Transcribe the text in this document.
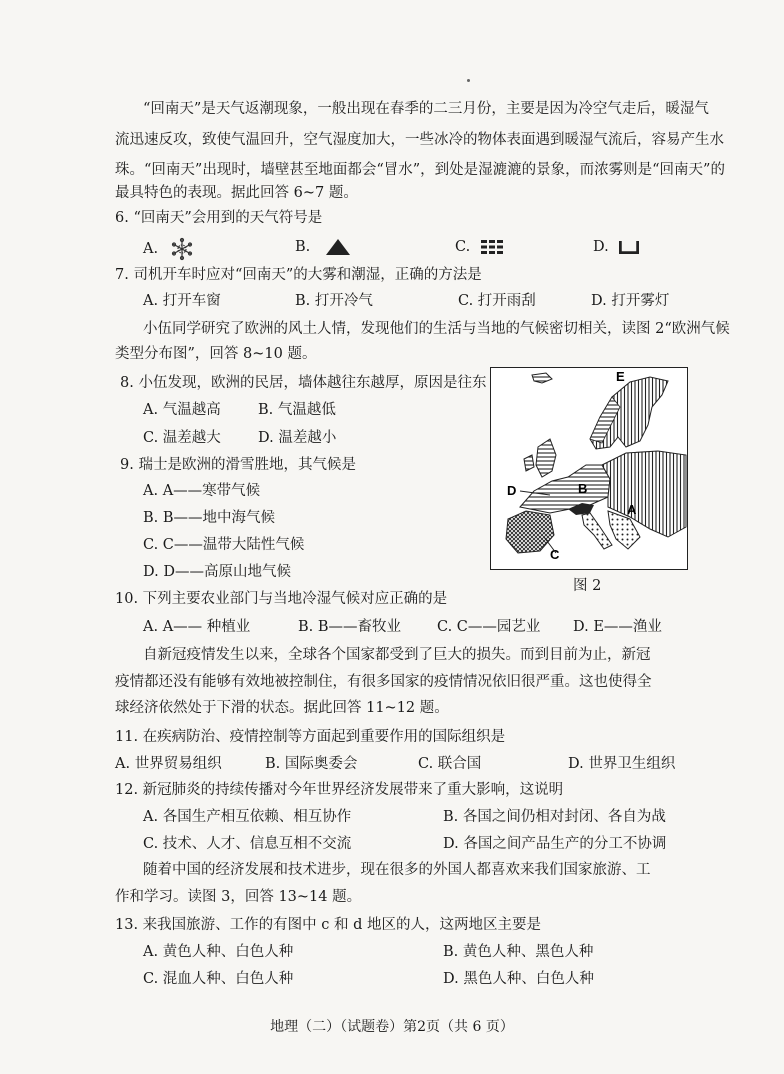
“回南天”是天气返潮现象，一般出现在春季的二三月份，主要是因为冷空气走后，暖湿气
流迅速反攻，致使气温回升，空气湿度加大，一些冰冷的物体表面遇到暖湿气流后，容易产生水
珠。“回南天”出现时，墙壁甚至地面都会“冒水”，到处是湿漉漉的景象，而浓雾则是“回南天”的
最具特色的表现。据此回答 6~7 题。
6. “回南天”会用到的天气符号是
A.	B.	C.	D.
7. 司机开车时应对“回南天”的大雾和潮湿，正确的方法是
A. 打开车窗	B. 打开冷气	C. 打开雨刮	D. 打开雾灯
小伍同学研究了欧洲的风土人情，发现他们的生活与当地的气候密切相关，读图 2“欧洲气候
类型分布图”，回答 8~10 题。
8. 小伍发现，欧洲的民居，墙体越往东越厚，原因是往东
A. 气温越高	B. 气温越低
C. 温差越大	D. 温差越小
9. 瑞士是欧洲的滑雪胜地，其气候是
A. A——寒带气候
B. B——地中海气候
C. C——温带大陆性气候
D. D——高原山地气候
E
D	B
A
C
图 2
10. 下列主要农业部门与当地冷湿气候对应正确的是
A. A—— 种植业	B. B——畜牧业 C. C——园艺业 D. E——渔业
自新冠疫情发生以来，全球各个国家都受到了巨大的损失。而到目前为止，新冠
疫情都还没有能够有效地被控制住，有很多国家的疫情情况依旧很严重。这也使得全
球经济依然处于下滑的状态。据此回答 11~12 题。
11. 在疾病防治、疫情控制等方面起到重要作用的国际组织是
A. 世界贸易组织	B. 国际奥委会	C. 联合国	D. 世界卫生组织
12. 新冠肺炎的持续传播对今年世界经济发展带来了重大影响，这说明
A. 各国生产相互依赖、相互协作	B. 各国之间仍相对封闭、各自为战
C. 技术、人才、信息互相不交流	D. 各国之间产品生产的分工不协调
随着中国的经济发展和技术进步，现在很多的外国人都喜欢来我们国家旅游、工
作和学习。读图 3，回答 13~14 题。
13. 来我国旅游、工作的有图中 c 和 d 地区的人，这两地区主要是
A. 黄色人种、白色人种	B. 黄色人种、黑色人种
C. 混血人种、白色人种	D. 黑色人种、白色人种
地理（二）（试题卷）第2页（共 6 页）
